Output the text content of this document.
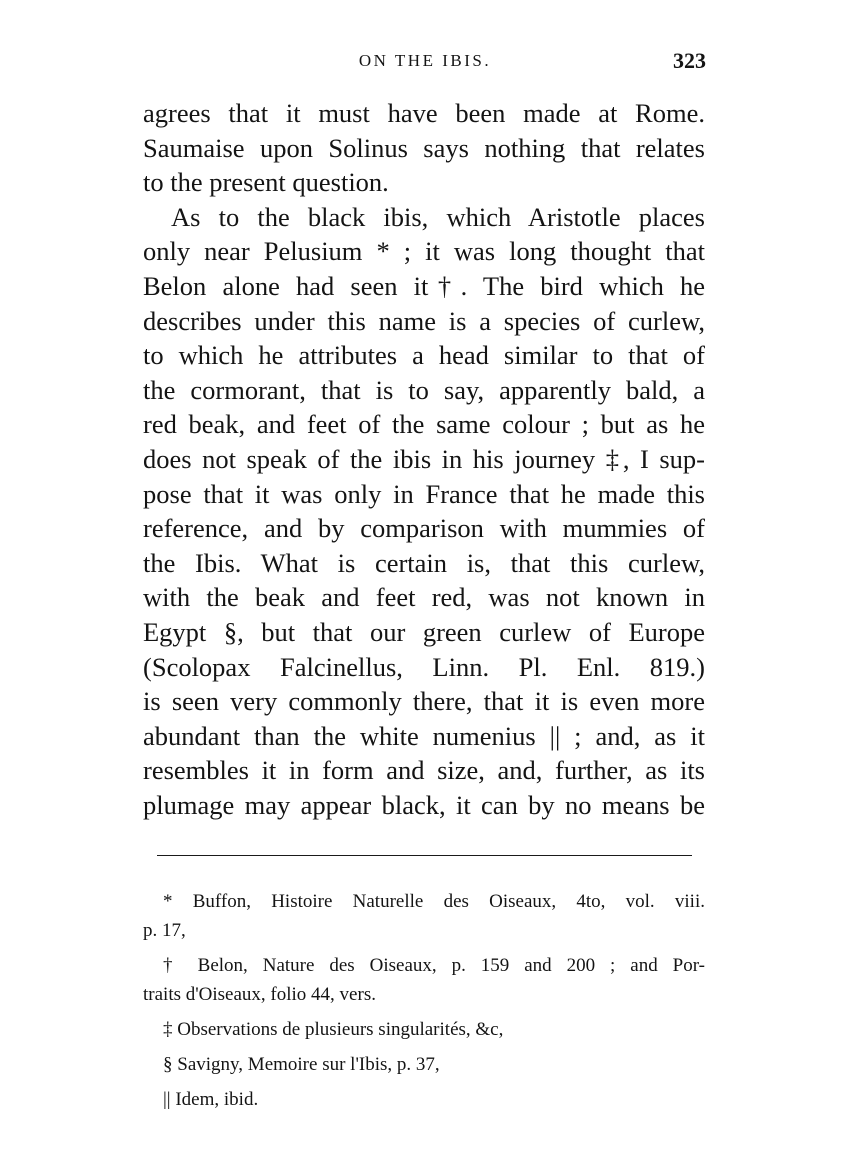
ON THE IBIS.	323
agrees that it must have been made at Rome.
Saumaise upon Solinus says nothing that relates
to the present question.
As to the black ibis, which Aristotle places
only near Pelusium * ; it was long thought that
Belon alone had seen it†. The bird which he
describes under this name is a species of curlew,
to which he attributes a head similar to that of
the cormorant, that is to say, apparently bald, a
red beak, and feet of the same colour ; but as he
does not speak of the ibis in his journey ‡, I sup-
pose that it was only in France that he made this
reference, and by comparison with mummies of
the Ibis. What is certain is, that this curlew,
with the beak and feet red, was not known in
Egypt §, but that our green curlew of Europe
(Scolopax Falcinellus, Linn. Pl. Enl. 819.)
is seen very commonly there, that it is even more
abundant than the white numenius || ; and, as it
resembles it in form and size, and, further, as its
plumage may appear black, it can by no means be
* Buffon, Histoire Naturelle des Oiseaux, 4to, vol. viii.
p. 17,
† Belon, Nature des Oiseaux, p. 159 and 200 ; and Por-
traits d'Oiseaux, folio 44, vers.
‡ Observations de plusieurs singularités, &c,
§ Savigny, Memoire sur l'Ibis, p. 37,
|| Idem, ibid.
